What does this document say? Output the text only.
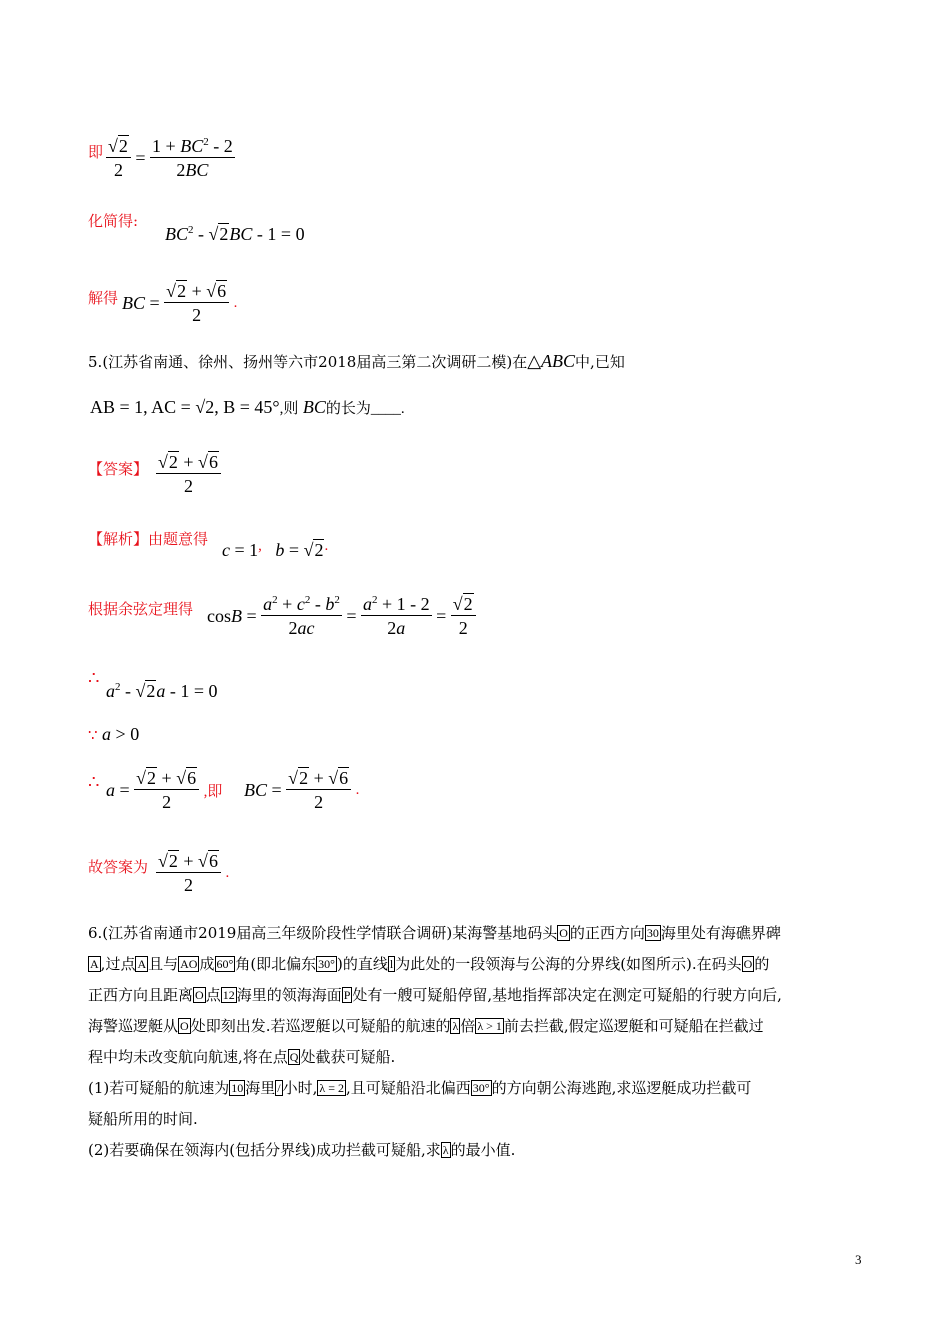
即 $\frac{√2}{2} = \frac{1 + BC^2 - 2}{2BC}$
化简得:
$BC^2 - √2BC - 1 = 0$
解得 BC = $\frac{√2 + √6}{2}$ .
5.(江苏省南通、徐州、扬州等六市2018届高三第二次调研二模)在△ABC中,已知
AB = 1, AC = √2, B = 45°,则 BC的长为____.
【答案】 $\frac{√2 + √6}{2}$
【解析】由题意得
c = 1, b = √2.
根据余弦定理得 $\cos B = \frac{a^2 + c^2 - b^2}{2ac} = \frac{a^2 + 1 - 2}{2a} = \frac{√2}{2}$
∴
$a^2 - √2a - 1 = 0$
∵ a > 0
∴ $a = \frac{√2 + √6}{2}$ ,即 BC = $\frac{√2 + √6}{2}$ .
故答案为 $\frac{√2 + √6}{2}$ .
6.(江苏省南通市2019届高三年级阶段性学情联合调研)某海警基地码头 O 的正西方向 30 海里处有海礁界碑
A ,过点 A 且与 AO 成 60° 角(即北偏东 30° )的直线 l 为此处的一段领海与公海的分界线(如图所示).在码头 O 的
正西方向且距离 O 点 12 海里的领海海面 P 处有一艘可疑船停留,基地指挥部决定在测定可疑船的行驶方向后,
海警巡逻艇从 O 处即刻出发.若巡逻艇以可疑船的航速的 λ 倍 λ > 1 前去拦截,假定巡逻艇和可疑船在拦截过
程中均未改变航向航速,将在点 Q 处截获可疑船.
(1)若可疑船的航速为 10 海里 / 小时, λ = 2 ,且可疑船沿北偏西 30° 的方向朝公海逃跑,求巡逻艇成功拦截可
疑船所用的时间.
(2)若要确保在领海内(包括分界线)成功拦截可疑船,求 λ 的最小值.
3
